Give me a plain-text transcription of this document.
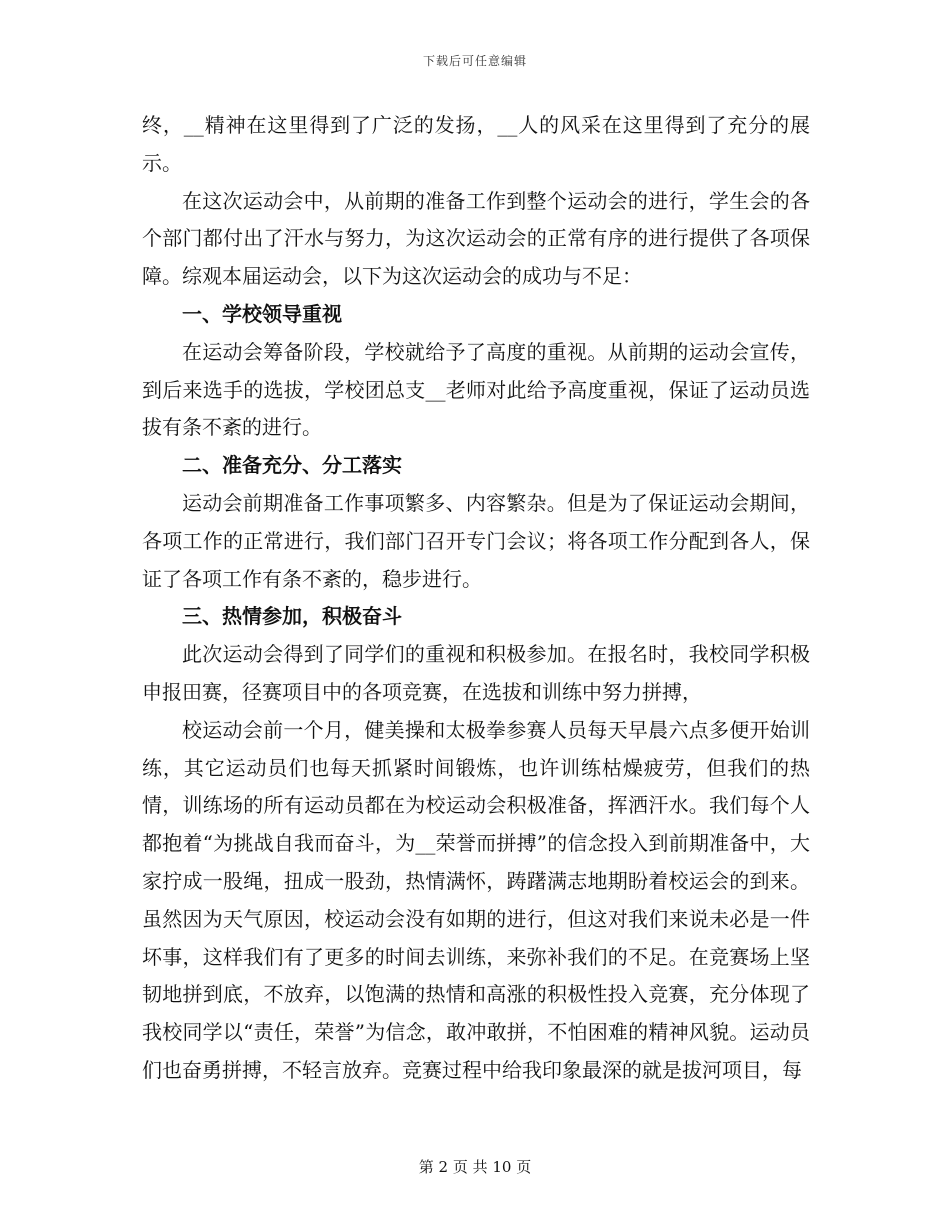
下载后可任意编辑

终，__精神在这里得到了广泛的发扬，__人的风采在这里得到了充分的展示。

在这次运动会中，从前期的准备工作到整个运动会的进行，学生会的各个部门都付出了汗水与努力，为这次运动会的正常有序的进行提供了各项保障。综观本届运动会，以下为这次运动会的成功与不足：

一、学校领导重视

在运动会筹备阶段，学校就给予了高度的重视。从前期的运动会宣传，到后来选手的选拔，学校团总支__老师对此给予高度重视，保证了运动员选拔有条不紊的进行。

二、准备充分、分工落实

运动会前期准备工作事项繁多、内容繁杂。但是为了保证运动会期间，各项工作的正常进行，我们部门召开专门会议；将各项工作分配到各人，保证了各项工作有条不紊的，稳步进行。

三、热情参加，积极奋斗

此次运动会得到了同学们的重视和积极参加。在报名时，我校同学积极申报田赛，径赛项目中的各项竞赛，在选拔和训练中努力拼搏，

校运动会前一个月，健美操和太极拳参赛人员每天早晨六点多便开始训练，其它运动员们也每天抓紧时间锻炼，也许训练枯燥疲劳，但我们的热情，训练场的所有运动员都在为校运动会积极准备，挥洒汗水。我们每个人都抱着“为挑战自我而奋斗，为__荣誉而拼搏”的信念投入到前期准备中，大家拧成一股绳，扭成一股劲，热情满怀，踌躇满志地期盼着校运会的到来。虽然因为天气原因，校运动会没有如期的进行，但这对我们来说未必是一件坏事，这样我们有了更多的时间去训练，来弥补我们的不足。在竞赛场上坚韧地拼到底，不放弃，以饱满的热情和高涨的积极性投入竞赛，充分体现了我校同学以“责任，荣誉”为信念，敢冲敢拼，不怕困难的精神风貌。运动员们也奋勇拼搏，不轻言放弃。竞赛过程中给我印象最深的就是拔河项目，每

第 2 页 共 10 页
